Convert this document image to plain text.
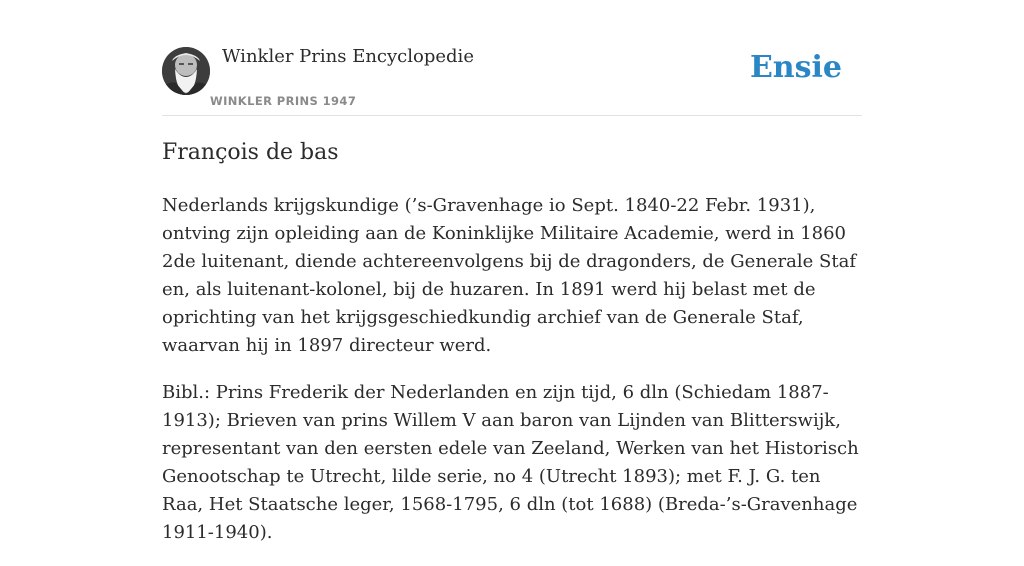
Winkler Prins Encyclopedie
WINKLER PRINS 1947
Ensie
François de bas

Nederlands krijgskundige (’s-Gravenhage io Sept. 1840-22 Febr. 1931), ontving zijn opleiding aan de Koninklijke Militaire Academie, werd in 1860 2de luitenant, diende achtereenvolgens bij de dragonders, de Generale Staf en, als luitenant-kolonel, bij de huzaren. In 1891 werd hij belast met de oprichting van het krijgsgeschiedkundig archief van de Generale Staf, waarvan hij in 1897 directeur werd.

Bibl.: Prins Frederik der Nederlanden en zijn tijd, 6 dln (Schiedam 1887-1913); Brieven van prins Willem V aan baron van Lijnden van Blitterswijk, representant van den eersten edele van Zeeland, Werken van het Historisch Genootschap te Utrecht, lilde serie, no 4 (Utrecht 1893); met F. J. G. ten Raa, Het Staatsche leger, 1568-1795, 6 dln (tot 1688) (Breda-’s-Gravenhage 1911-1940).
